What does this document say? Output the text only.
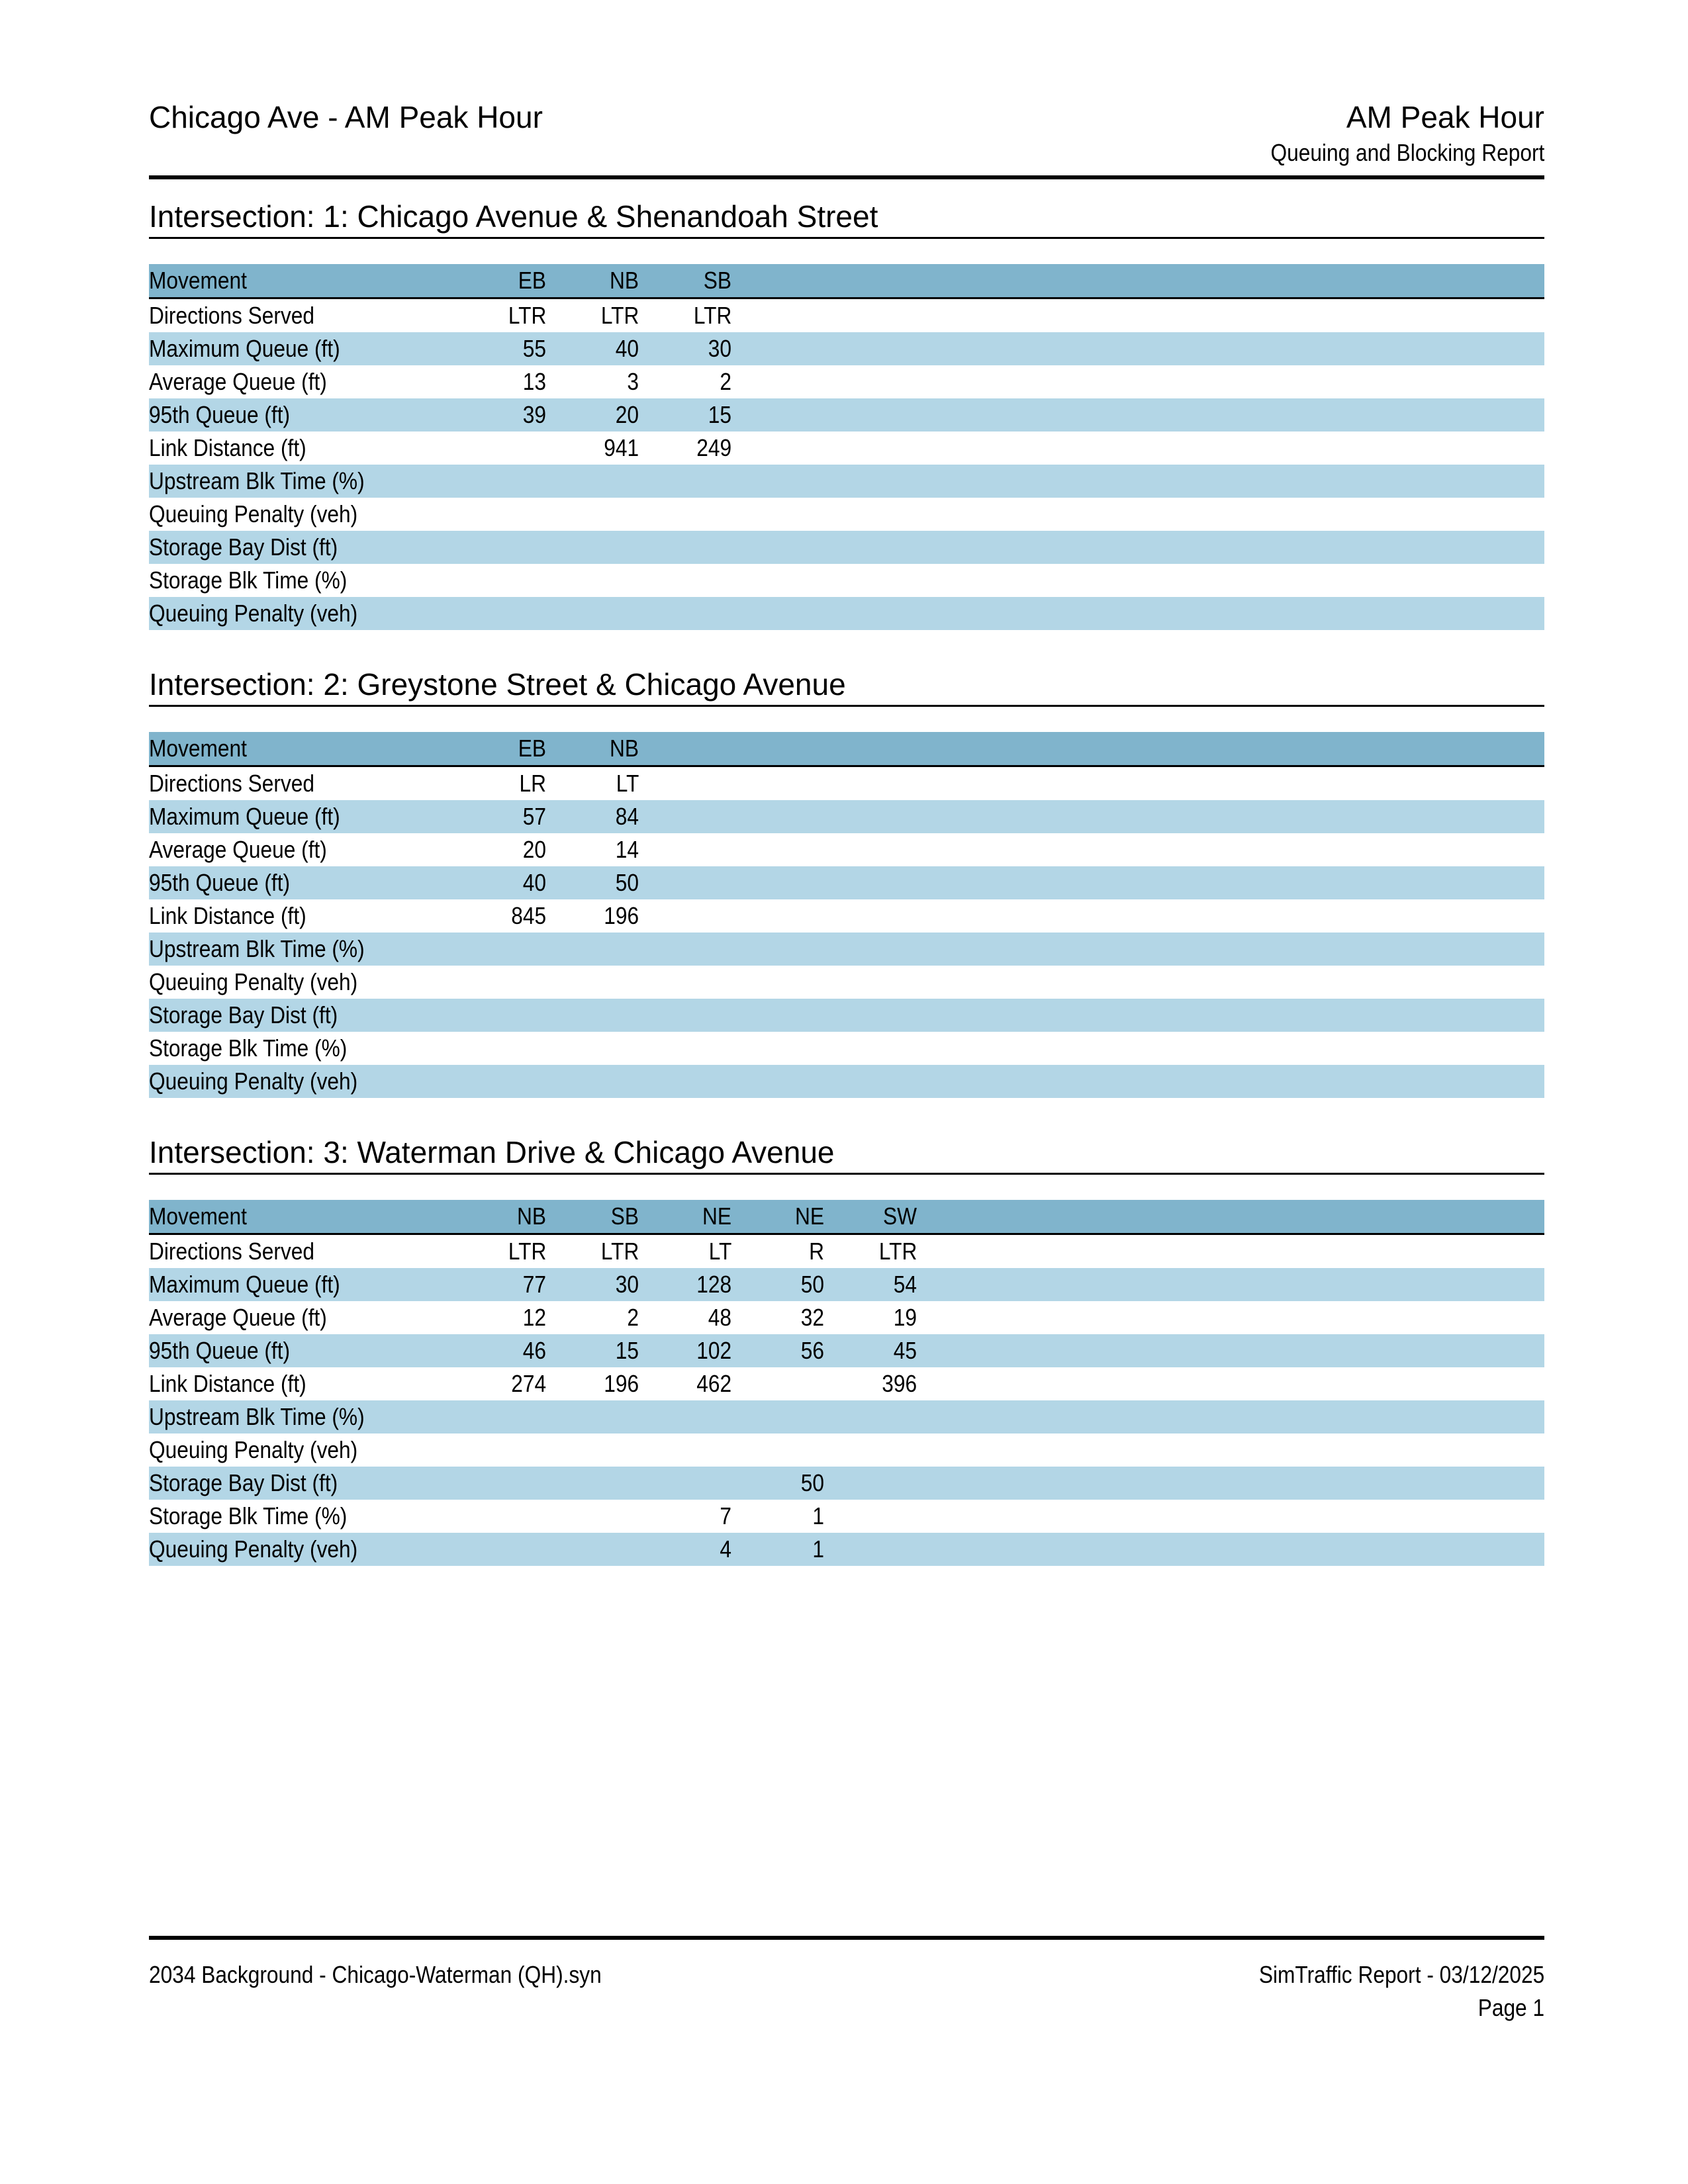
Chicago Ave - AM Peak Hour	AM Peak Hour
Queuing and Blocking Report
Intersection: 1: Chicago Avenue & Shenandoah Street
Movement	EB	NB	SB	
Directions Served	LTR	LTR	LTR	
Maximum Queue (ft)	55	40	30	
Average Queue (ft)	13	3	2	
95th Queue (ft)	39	20	15	
Link Distance (ft)		941	249	
Upstream Blk Time (%)				
Queuing Penalty (veh)				
Storage Bay Dist (ft)				
Storage Blk Time (%)				
Queuing Penalty (veh)				
Intersection: 2: Greystone Street & Chicago Avenue
Movement	EB	NB	
Directions Served	LR	LT	
Maximum Queue (ft)	57	84	
Average Queue (ft)	20	14	
95th Queue (ft)	40	50	
Link Distance (ft)	845	196	
Upstream Blk Time (%)			
Queuing Penalty (veh)			
Storage Bay Dist (ft)			
Storage Blk Time (%)			
Queuing Penalty (veh)			
Intersection: 3: Waterman Drive & Chicago Avenue
Movement	NB	SB	NE	NE	SW	
Directions Served	LTR	LTR	LT	R	LTR	
Maximum Queue (ft)	77	30	128	50	54	
Average Queue (ft)	12	2	48	32	19	
95th Queue (ft)	46	15	102	56	45	
Link Distance (ft)	274	196	462		396	
Upstream Blk Time (%)						
Queuing Penalty (veh)						
Storage Bay Dist (ft)				50		
Storage Blk Time (%)			7	1		
Queuing Penalty (veh)			4	1		
2034 Background - Chicago-Waterman (QH).syn	SimTraffic Report - 03/12/2025
Page 1
